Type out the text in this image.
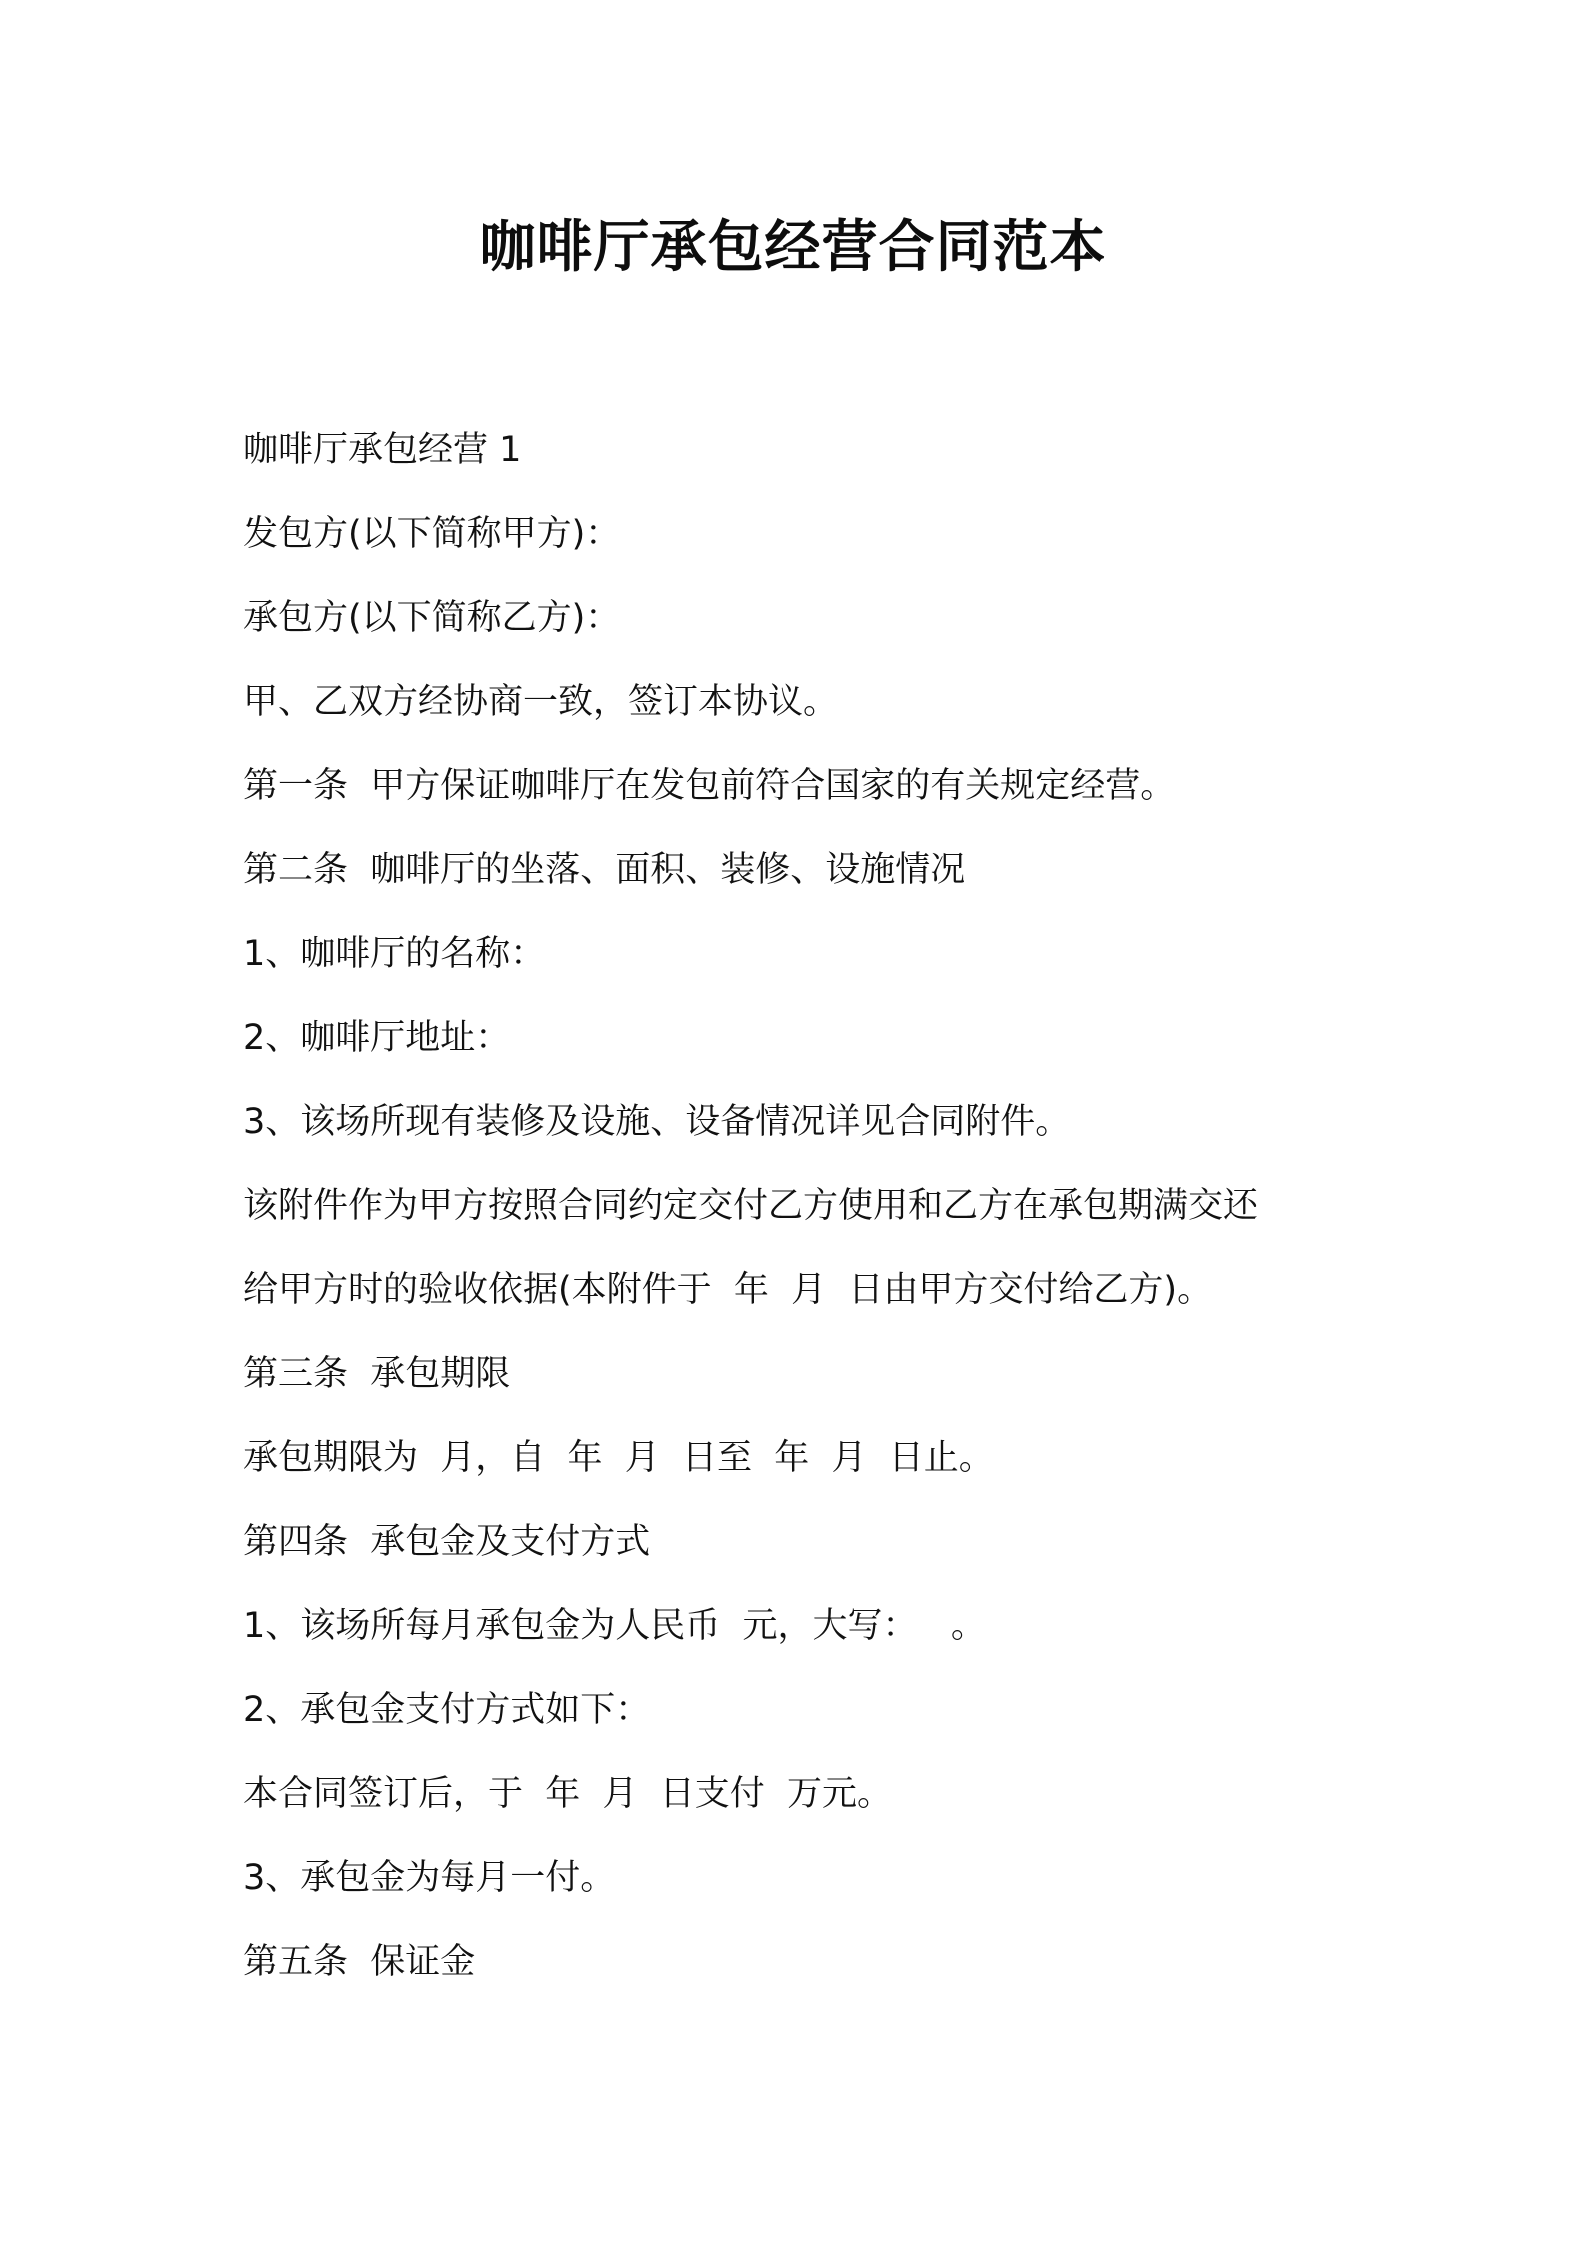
咖啡厅承包经营合同范本
咖啡厅承包经营 1
发包方(以下简称甲方)：
承包方(以下简称乙方)：
甲、乙双方经协商一致，签订本协议。
第一条  甲方保证咖啡厅在发包前符合国家的有关规定经营。
第二条  咖啡厅的坐落、面积、装修、设施情况
1、咖啡厅的名称：
2、咖啡厅地址：
3、该场所现有装修及设施、设备情况详见合同附件。
该附件作为甲方按照合同约定交付乙方使用和乙方在承包期满交还
给甲方时的验收依据(本附件于  年  月  日由甲方交付给乙方)。
第三条  承包期限
承包期限为  月，自  年  月  日至  年  月  日止。
第四条  承包金及支付方式
1、该场所每月承包金为人民币  元，大写：   。
2、承包金支付方式如下：
本合同签订后，于  年  月  日支付  万元。
3、承包金为每月一付。
第五条  保证金
